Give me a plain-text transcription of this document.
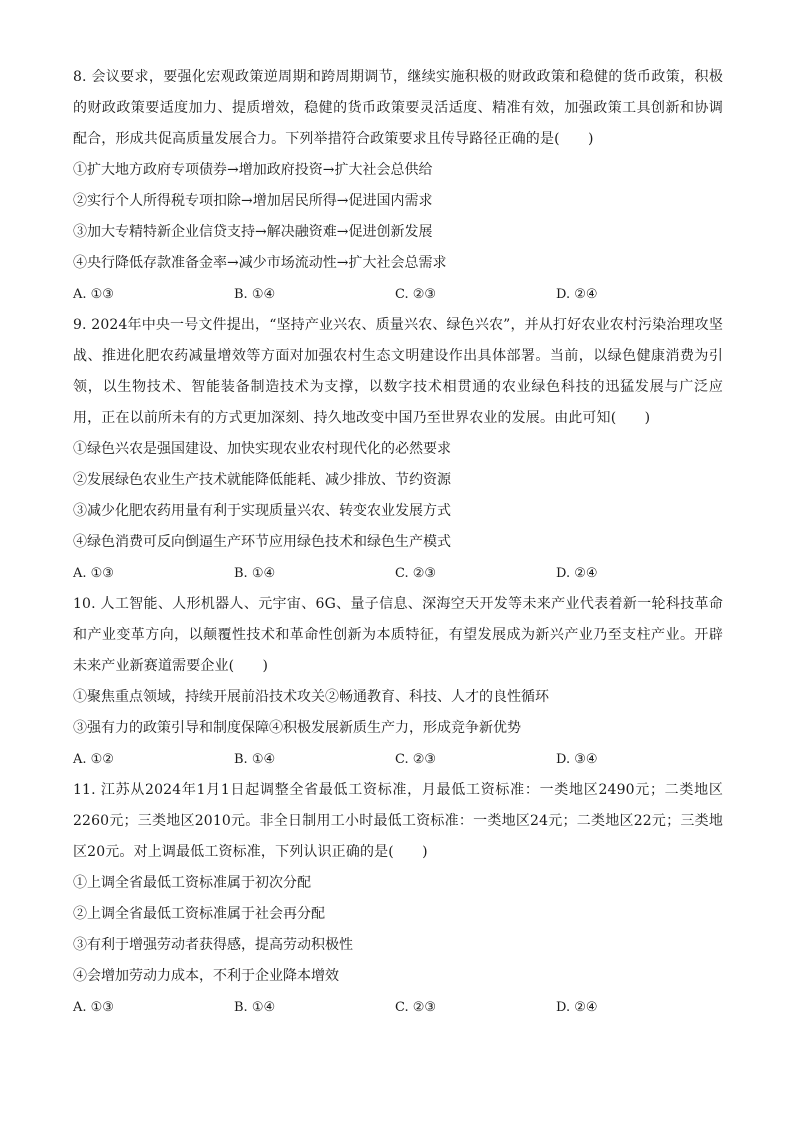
8. 会议要求，要强化宏观政策逆周期和跨周期调节，继续实施积极的财政政策和稳健的货币政策，积极的财政政策要适度加力、提质增效，稳健的货币政策要灵活适度、精准有效，加强政策工具创新和协调配合，形成共促高质量发展合力。下列举措符合政策要求且传导路径正确的是(　　)

①扩大地方政府专项债券→增加政府投资→扩大社会总供给

②实行个人所得税专项扣除→增加居民所得→促进国内需求

③加大专精特新企业信贷支持→解决融资难→促进创新发展

④央行降低存款准备金率→减少市场流动性→扩大社会总需求

A. ①③	B. ①④	C. ②③	D. ②④

9. 2024年中央一号文件提出，“坚持产业兴农、质量兴农、绿色兴农”，并从打好农业农村污染治理攻坚战、推进化肥农药减量增效等方面对加强农村生态文明建设作出具体部署。当前，以绿色健康消费为引领，以生物技术、智能装备制造技术为支撑，以数字技术相贯通的农业绿色科技的迅猛发展与广泛应用，正在以前所未有的方式更加深刻、持久地改变中国乃至世界农业的发展。由此可知(　　)

①绿色兴农是强国建设、加快实现农业农村现代化的必然要求

②发展绿色农业生产技术就能降低能耗、减少排放、节约资源

③减少化肥农药用量有利于实现质量兴农、转变农业发展方式

④绿色消费可反向倒逼生产环节应用绿色技术和绿色生产模式

A. ①③	B. ①④	C. ②③	D. ②④

10. 人工智能、人形机器人、元宇宙、6G、量子信息、深海空天开发等未来产业代表着新一轮科技革命和产业变革方向，以颠覆性技术和革命性创新为本质特征，有望发展成为新兴产业乃至支柱产业。开辟未来产业新赛道需要企业(　　)

①聚焦重点领域，持续开展前沿技术攻关②畅通教育、科技、人才的良性循环

③强有力的政策引导和制度保障④积极发展新质生产力，形成竞争新优势

A. ①②	B. ①④	C. ②③	D. ③④

11. 江苏从2024年1月1日起调整全省最低工资标准，月最低工资标准：一类地区2490元；二类地区2260元；三类地区2010元。非全日制用工小时最低工资标准：一类地区24元；二类地区22元；三类地区20元。对上调最低工资标准，下列认识正确的是(　　)

①上调全省最低工资标准属于初次分配

②上调全省最低工资标准属于社会再分配

③有利于增强劳动者获得感，提高劳动积极性

④会增加劳动力成本，不利于企业降本增效

A. ①③	B. ①④	C. ②③	D. ②④
